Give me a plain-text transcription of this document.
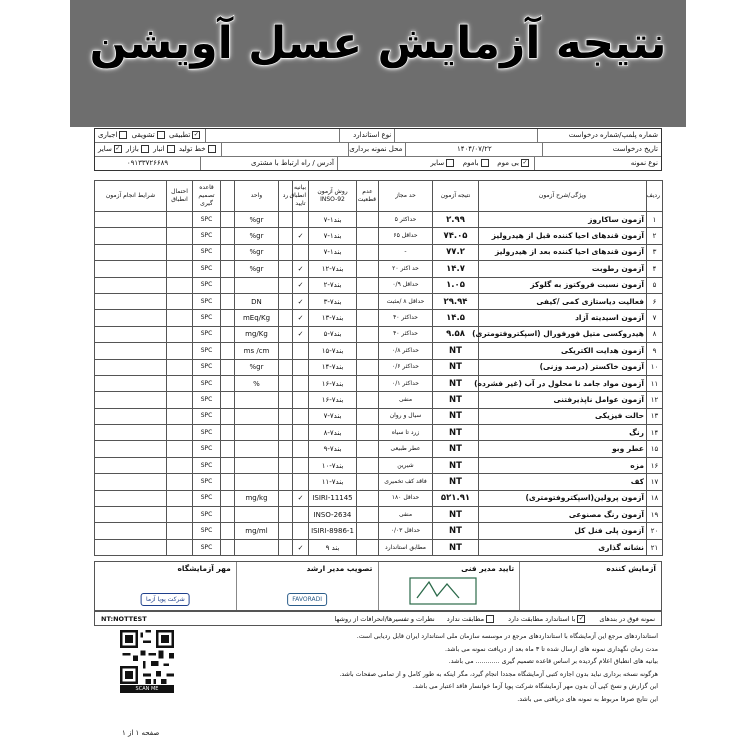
نتیجه آزمایش عسل آویشن
شماره پلمپ/شماره درخواست
نوع استاندارد
✓تطبیقی تشویقی اجباری
تاریخ درخواست
۱۴۰۴/۰۷/۲۲
محل نمونه برداری
خط تولید انبار بازار ✓سایر
نوع نمونه
✓بی موم   باموم   سایر
آدرس / راه ارتباط با مشتری
۰۹۱۳۳۷۲۶۶۸۹
ردیف	ویژگی/شرح آزمون	نتیجه آزمون	حد مجاز	عدم قطعیت	روش آزمون INSO-92	بیانیه انطباق تایید	رد	واحد		قاعده تصمیم گیری	احتمال انطباق	شرایط انجام آزمون
۱	آزمون ساکاروز	۲.۹۹	حداکثر ۵		بند۱-۷			gr%		SPC		
۲	آزمون قندهای احیا کننده قبل از هیدرولیز	۷۴.۰۵	حداقل ۶۵		بند۱-۷	✓		gr%		SPC		
۳	آزمون قندهای احیا کننده بعد از هیدرولیز	۷۷.۲	-		بند۱-۷			gr%		SPC		
۴	آزمون رطوبت	۱۴.۷	حد اکثر ۲۰		بند۷-۱۲	✓		gr%		SPC		
۵	آزمون نسبت فروکتوز به گلوکز	۱.۰۵	حداقل ۰/۹		بند۷-۲	✓				SPC		
۶	فعالیت دیاستازی کمی /کیفی	۲۹.۹۴	حداقل ۸ /مثبت		بند۷-۳	✓		DN		SPC		
۷	آزمون اسیدیته آزاد	۱۴.۵	حداکثر ۴۰		بند۷-۱۳	✓		mEq/Kg		SPC		
۸	هیدروکسی متیل فورفورال (اسپکتروفتومتری)	۹.۵۸	حداکثر ۴۰		بند۷-۵	✓		mg/Kg		SPC		
۹	آزمون هدایت الکتریکی	NT	حداکثر ۰/۸		بند۷-۱۵			ms /cm		SPC		
۱۰	آزمون خاکستر (درصد وزنی)	NT	حداکثر ۰/۶		بند۷-۱۴			gr%		SPC		
۱۱	آزمون مواد جامد نا محلول در آب (غیر فشرده)	NT	حداکثر ۰/۱		بند۷-۱۶			%		SPC		
۱۲	آزمون عوامل ناپذیرفتنی	NT	منفی		بند۷-۱۶					SPC		
۱۳	حالت فیزیکی	NT	سیال و روان		بند۷-۷					SPC		
۱۴	رنگ	NT	زرد تا سیاه		بند۷-۸					SPC		
۱۵	عطر وبو	NT	عطر طبیعی		بند۷-۹					SPC		
۱۶	مزه	NT	شیرین		بند۷-۱۰					SPC		
۱۷	کف	NT	فاقد کف تخمیری		بند۷-۱۱					SPC		
۱۸	آزمون پرولین(اسپکتروفتومتری)	۵۲۱.۹۱	حداقل ۱۸۰		ISIRI-11145	✓		mg/kg		SPC		
۱۹	آزمون رنگ مصنوعی	NT	منفی		INSO-2634					SPC		
۲۰	آزمون پلی فنل کل	NT	حداقل ۰/۰۳		ISIRI-8986-1			mg/ml		SPC		
۲۱	نشانه گذاری	NT	مطابق استاندارد		بند ۹	✓				SPC		
آزمایش کننده
تایید مدیر فنی
تصویب مدیر ارشد
FAVORADI
مهر آزمایشگاه
شرکت پویا آزما
نمونه فوق در بندهای
✓با استاندارد مطابقت دارد
مطابقت ندارد
نظرات و تفسیرها/انحرافات از روشها
NT:NOTTEST

استانداردهای مرجع این آزمایشگاه با استانداردهای مرجع در موسسه سازمان ملی استاندارد ایران قابل ردیابی است.

مدت زمان نگهداری نمونه های ارسال شده تا ۳ ماه بعد از دریافت نمونه می باشد.

بیانیه های انطباق اعلام گردیده بر اساس قاعده تصمیم گیری ............ می باشد.

هرگونه نسخه برداری نباید بدون اجازه کتبی آزمایشگاه مجددا انجام گیرد، مگر اینکه به طور کامل و از تمامی صفحات باشد.

این گزارش و نسخ کپی آن بدون مهر آزمایشگاه شرکت پویا آزما خوانسار فاقد اعتبار می باشد.

این نتایج صرفا مربوط به نمونه های دریافتی می باشد.

SCAN ME
صفحه ۱ از ۱
